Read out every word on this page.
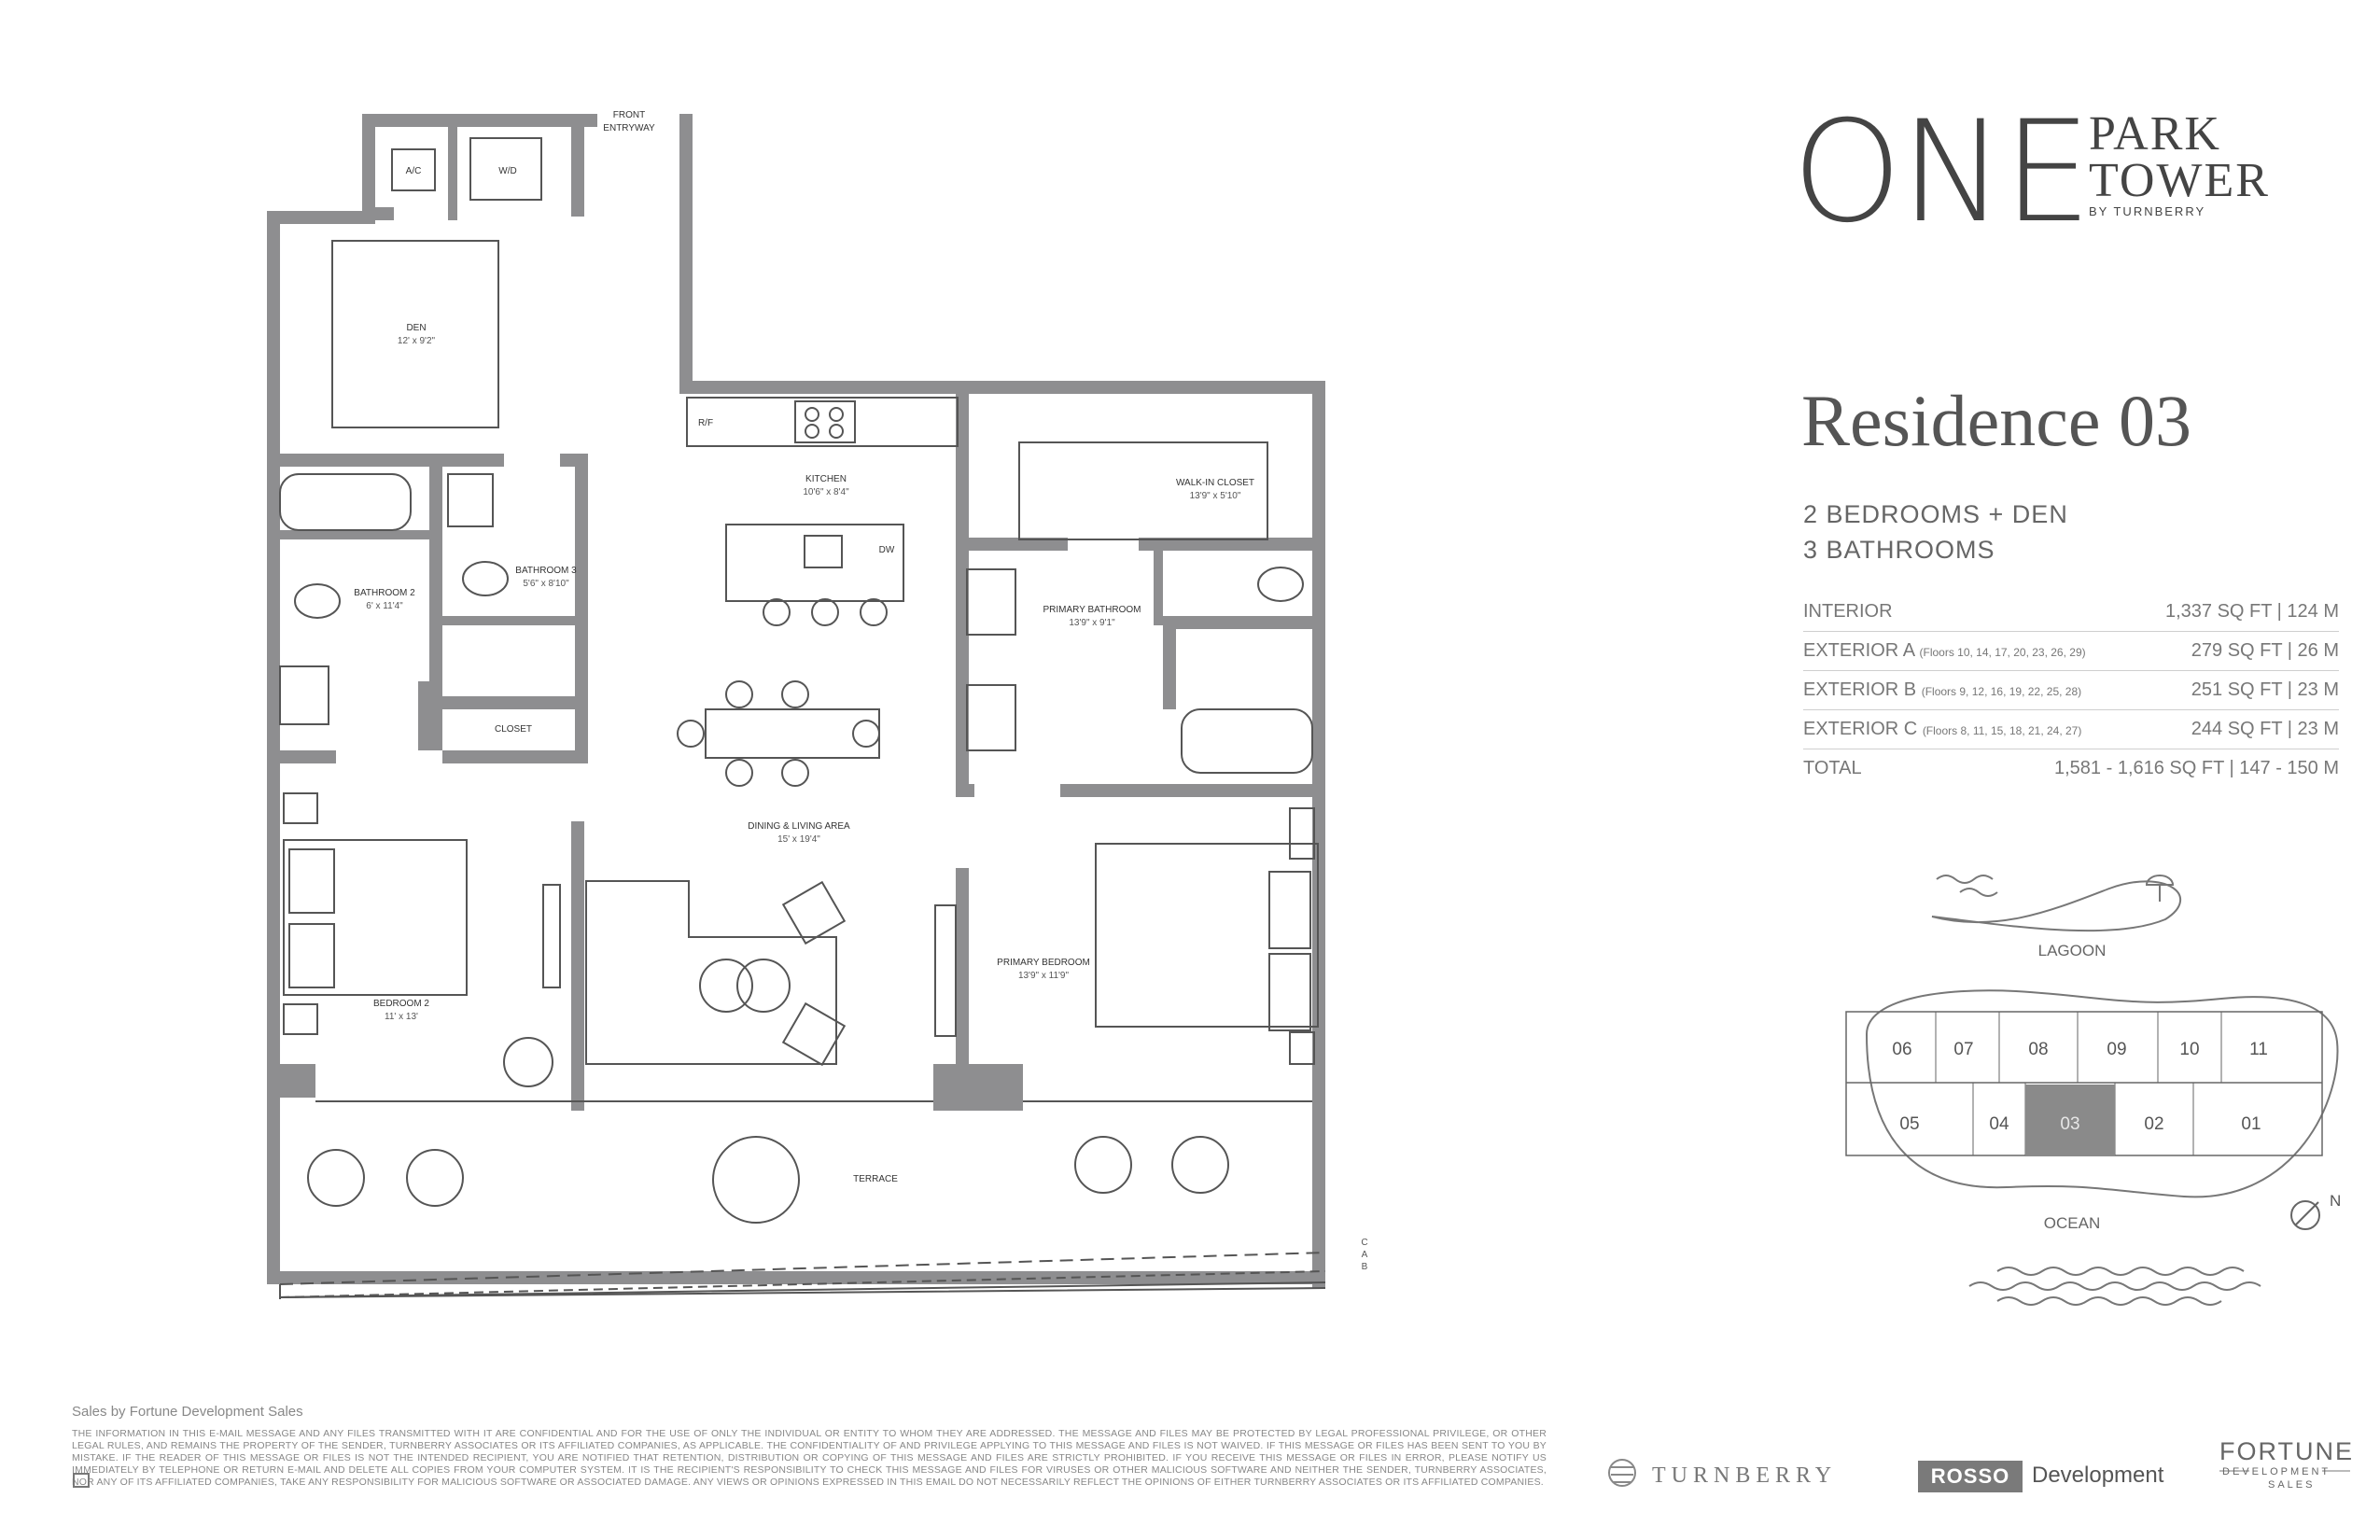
FRONT
ENTRYWAY
A/C	W/D
DEN
12' x 9'2"
R/F
KITCHEN
10'6" x 8'4"
DW
WALK-IN CLOSET
13'9" x 5'10"
BATHROOM 2
6' x 11'4"
BATHROOM 3
5'6" x 8'10"
PRIMARY BATHROOM
13'9" x 9'1"
CLOSET
DINING & LIVING AREA
15' x 19'4"
BEDROOM 2
11' x 13'
PRIMARY BEDROOM
13'9" x 11'9"
TERRACE
C
A
B
LAGOON
06 07	08	09	10	11
05	04	03	02	01
OCEAN
N
ONE
PARK
TOWER
BY TURNBERRY
Residence 03
2 BEDROOMS + DEN
3 BATHROOMS
INTERIOR	1,337 SQ FT | 124 M
EXTERIOR A (Floors 10, 14, 17, 20, 23, 26, 29)	279 SQ FT | 26 M
EXTERIOR B (Floors 9, 12, 16, 19, 22, 25, 28)	251 SQ FT | 23 M
EXTERIOR C (Floors 8, 11, 15, 18, 21, 24, 27)	244 SQ FT | 23 M
TOTAL	1,581 - 1,616 SQ FT | 147 - 150 M
Sales by Fortune Development Sales
THE INFORMATION IN THIS E-MAIL MESSAGE AND ANY FILES TRANSMITTED WITH IT ARE CONFIDENTIAL AND FOR THE USE OF ONLY THE INDIVIDUAL OR ENTITY TO WHOM THEY ARE ADDRESSED. THE MESSAGE AND FILES MAY BE PROTECTED BY LEGAL PROFESSIONAL PRIVILEGE, OR OTHER LEGAL RULES, AND REMAINS THE PROPERTY OF THE SENDER, TURNBERRY ASSOCIATES OR ITS AFFILIATED COMPANIES, AS APPLICABLE. THE CONFIDENTIALITY OF AND PRIVILEGE APPLYING TO THIS MESSAGE AND FILES IS NOT WAIVED. IF THIS MESSAGE OR FILES HAS BEEN SENT TO YOU BY MISTAKE. IF THE READER OF THIS MESSAGE OR FILES IS NOT THE INTENDED RECIPIENT, YOU ARE NOTIFIED THAT RETENTION, DISTRIBUTION OR COPYING OF THIS MESSAGE AND FILES ARE STRICTLY PROHIBITED. IF YOU RECEIVE THIS MESSAGE OR FILES IN ERROR, PLEASE NOTIFY US IMMEDIATELY BY TELEPHONE OR RETURN E-MAIL AND DELETE ALL COPIES FROM YOUR COMPUTER SYSTEM. IT IS THE RECIPIENT'S RESPONSIBILITY TO CHECK THIS MESSAGE AND FILES FOR VIRUSES OR OTHER MALICIOUS SOFTWARE AND NEITHER THE SENDER, TURNBERRY ASSOCIATES, NOR ANY OF ITS AFFILIATED COMPANIES, TAKE ANY RESPONSIBILITY FOR MALICIOUS SOFTWARE OR ASSOCIATED DAMAGE. ANY VIEWS OR OPINIONS EXPRESSED IN THIS EMAIL DO NOT NECESSARILY REFLECT THE OPINIONS OF EITHER TURNBERRY ASSOCIATES OR ITS AFFILIATED COMPANIES.	TURNBERRY	ROSSO Development
FORTUNE
DEVELOPMENT
SALES
